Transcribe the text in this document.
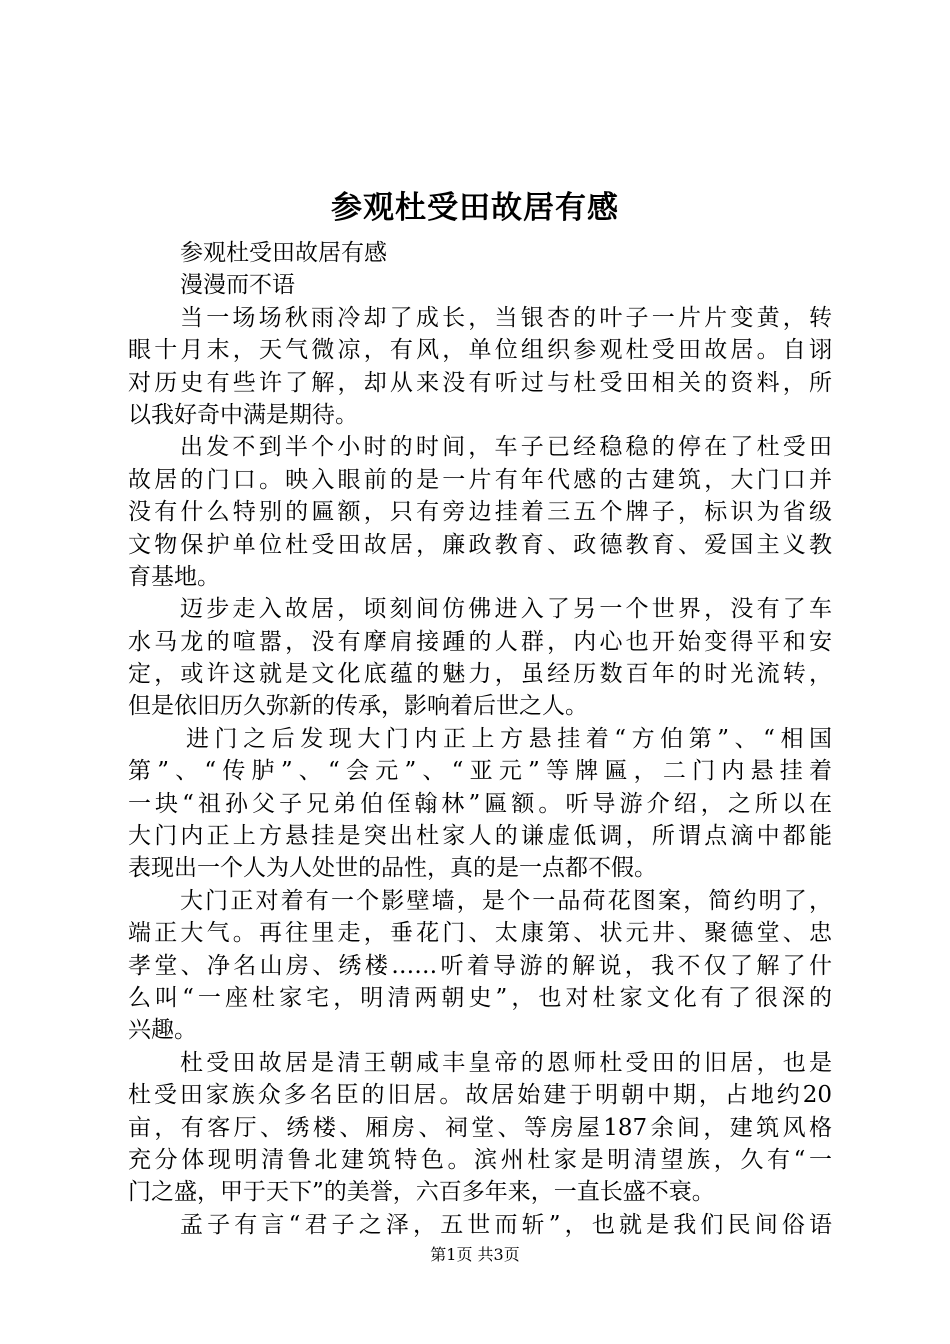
参观杜受田故居有感

参观杜受田故居有感

漫漫而不语

当一场场秋雨冷却了成长，当银杏的叶子一片片变黄，转

眼十月末，天气微凉，有风，单位组织参观杜受田故居。自诩

对历史有些许了解，却从来没有听过与杜受田相关的资料，所

以我好奇中满是期待。

出发不到半个小时的时间，车子已经稳稳的停在了杜受田

故居的门口。映入眼前的是一片有年代感的古建筑，大门口并

没有什么特别的匾额，只有旁边挂着三五个牌子，标识为省级

文物保护单位杜受田故居，廉政教育、政德教育、爱国主义教

育基地。

迈步走入故居，顷刻间仿佛进入了另一个世界，没有了车

水马龙的喧嚣，没有摩肩接踵的人群，内心也开始变得平和安

定，或许这就是文化底蕴的魅力，虽经历数百年的时光流转，

但是依旧历久弥新的传承，影响着后世之人。

进门之后发现大门内正上方悬挂着“方伯第”、“相国

第”、“传胪”、“会元”、“亚元”等牌匾，二门内悬挂着

一块“祖孙父子兄弟伯侄翰林”匾额。听导游介绍，之所以在

大门内正上方悬挂是突出杜家人的谦虚低调，所谓点滴中都能

表现出一个人为人处世的品性，真的是一点都不假。

大门正对着有一个影壁墙，是个一品荷花图案，简约明了，

端正大气。再往里走，垂花门、太康第、状元井、聚德堂、忠

孝堂、净名山房、绣楼……听着导游的解说，我不仅了解了什

么叫“一座杜家宅，明清两朝史”，也对杜家文化有了很深的

兴趣。

杜受田故居是清王朝咸丰皇帝的恩师杜受田的旧居，也是

杜受田家族众多名臣的旧居。故居始建于明朝中期，占地约20

亩，有客厅、绣楼、厢房、祠堂、等房屋187余间，建筑风格

充分体现明清鲁北建筑特色。滨州杜家是明清望族，久有“一

门之盛，甲于天下”的美誉，六百多年来，一直长盛不衰。

孟子有言“君子之泽，五世而斩”，也就是我们民间俗语

第1页 共3页
